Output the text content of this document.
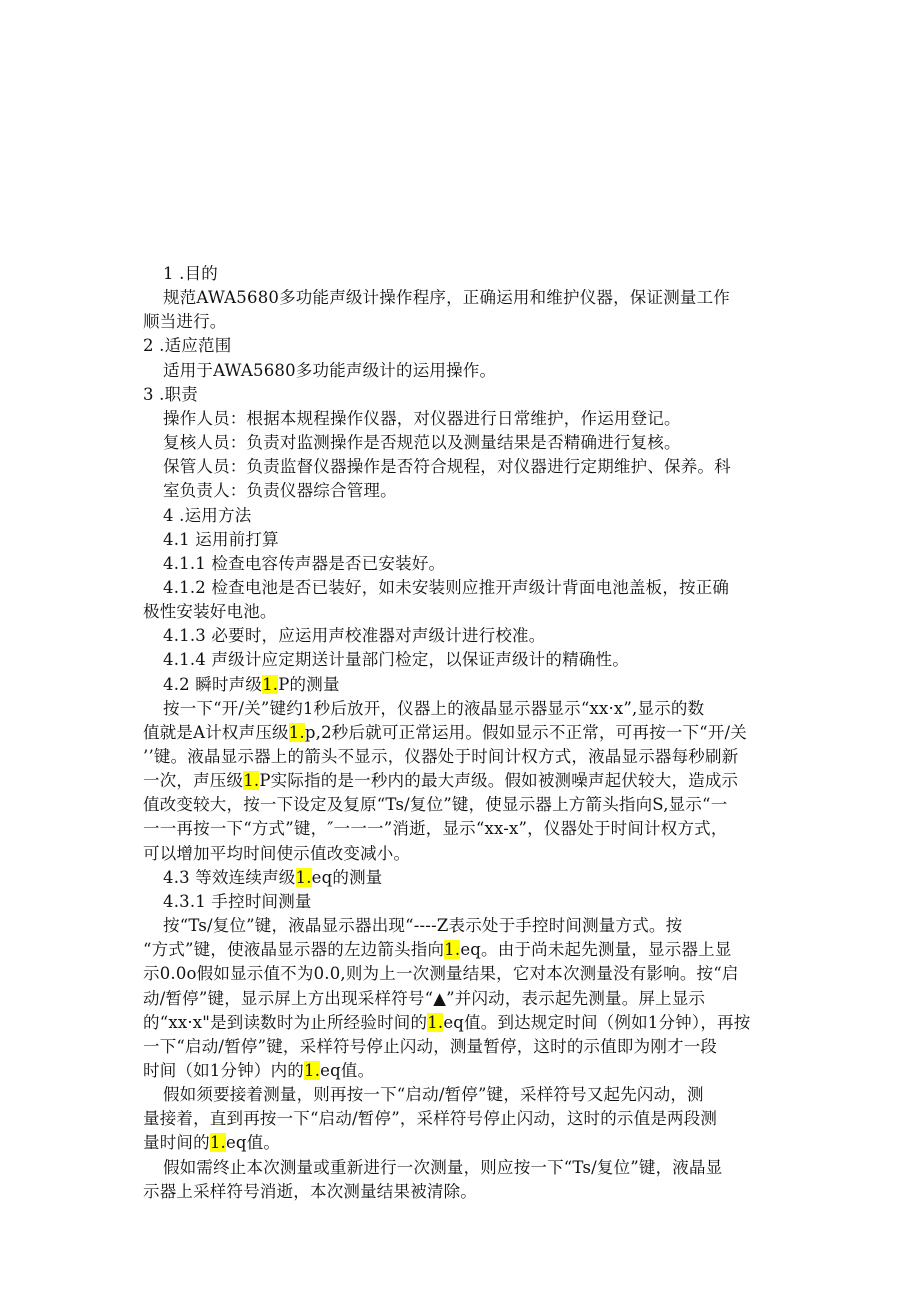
1 .目的
规范AWA5680多功能声级计操作程序，正确运用和维护仪器，保证测量工作
顺当进行。
2 .适应范围
适用于AWA5680多功能声级计的运用操作。
3 .职责
操作人员：根据本规程操作仪器，对仪器进行日常维护，作运用登记。
复核人员：负责对监测操作是否规范以及测量结果是否精确进行复核。
保管人员：负责监督仪器操作是否符合规程，对仪器进行定期维护、保养。科
室负责人：负责仪器综合管理。
4 .运用方法
4.1 运用前打算
4.1.1 检查电容传声器是否已安装好。
4.1.2 检查电池是否已装好，如未安装则应推开声级计背面电池盖板，按正确
极性安装好电池。
4.1.3 必要时，应运用声校准器对声级计进行校准。
4.1.4 声级计应定期送计量部门检定，以保证声级计的精确性。
4.2 瞬时声级1.P的测量
按一下“开/关”键约1秒后放开，仪器上的液晶显示器显示“xx·x”,显示的数
值就是A计权声压级1.p,2秒后就可正常运用。假如显示不正常，可再按一下“开/关
’’键。液晶显示器上的箭头不显示，仪器处于时间计权方式，液晶显示器每秒刷新
一次，声压级1.P实际指的是一秒内的最大声级。假如被测噪声起伏较大，造成示
值改变较大，按一下设定及复原“Ts/复位”键，使显示器上方箭头指向S,显示“一
一一再按一下“方式”键，″一一一”消逝，显示“xx-x”，仪器处于时间计权方式，
可以增加平均时间使示值改变减小。
4.3 等效连续声级1.eq的测量
4.3.1 手控时间测量
按“Ts/复位”键，液晶显示器出现“----Z表示处于手控时间测量方式。按
“方式”键，使液晶显示器的左边箭头指向1.eq。由于尚未起先测量，显示器上显
示0.0o假如显示值不为0.0,则为上一次测量结果，它对本次测量没有影响。按“启
动/暂停”键，显示屏上方出现采样符号“▲”并闪动，表示起先测量。屏上显示
的“xx·x"是到读数时为止所经验时间的1.eq值。到达规定时间（例如1分钟），再按
一下“启动/暂停”键，采样符号停止闪动，测量暂停，这时的示值即为刚才一段
时间（如1分钟）内的1.eq值。
假如须要接着测量，则再按一下“启动/暂停”键，采样符号又起先闪动，测
量接着，直到再按一下“启动/暂停”，采样符号停止闪动，这时的示值是两段测
量时间的1.eq值。
假如需终止本次测量或重新进行一次测量，则应按一下“Ts/复位”键，液晶显
示器上采样符号消逝，本次测量结果被清除。
